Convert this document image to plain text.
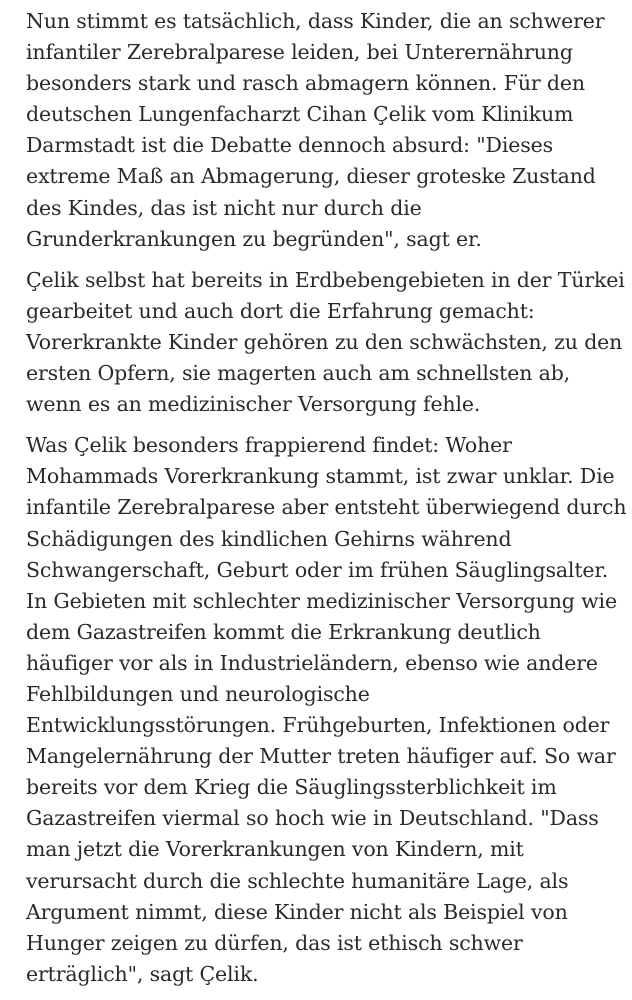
Nun stimmt es tatsächlich, dass Kinder, die an schwerer
infantiler Zerebralparese leiden, bei Unterernährung
besonders stark und rasch abmagern können. Für den
deutschen Lungenfacharzt Cihan Çelik vom Klinikum
Darmstadt ist die Debatte dennoch absurd: "Dieses
extreme Maß an Abmagerung, dieser groteske Zustand
des Kindes, das ist nicht nur durch die
Grunderkrankungen zu begründen", sagt er.

Çelik selbst hat bereits in Erdbebengebieten in der Türkei
gearbeitet und auch dort die Erfahrung gemacht:
Vorerkrankte Kinder gehören zu den schwächsten, zu den
ersten Opfern, sie magerten auch am schnellsten ab,
wenn es an medizinischer Versorgung fehle.

Was Çelik besonders frappierend findet: Woher
Mohammads Vorerkrankung stammt, ist zwar unklar. Die
infantile Zerebralparese aber entsteht überwiegend durch
Schädigungen des kindlichen Gehirns während
Schwangerschaft, Geburt oder im frühen Säuglingsalter.
In Gebieten mit schlechter medizinischer Versorgung wie
dem Gazastreifen kommt die Erkrankung deutlich
häufiger vor als in Industrieländern, ebenso wie andere
Fehlbildungen und neurologische
Entwicklungsstörungen. Frühgeburten, Infektionen oder
Mangelernährung der Mutter treten häufiger auf. So war
bereits vor dem Krieg die Säuglingssterblichkeit im
Gazastreifen viermal so hoch wie in Deutschland. "Dass
man jetzt die Vorerkrankungen von Kindern, mit
verursacht durch die schlechte humanitäre Lage, als
Argument nimmt, diese Kinder nicht als Beispiel von
Hunger zeigen zu dürfen, das ist ethisch schwer
erträglich", sagt Çelik.
